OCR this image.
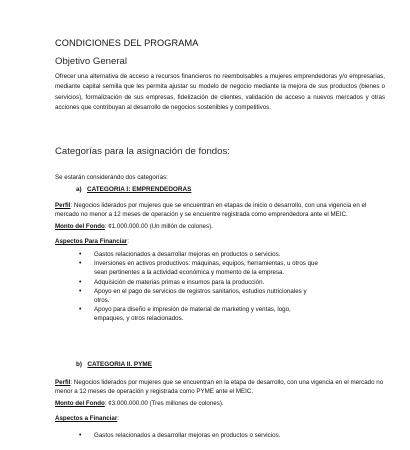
CONDICIONES DEL PROGRAMA
Objetivo General
Ofrecer una alternativa de acceso a recursos financieros no reembolsables a mujeres emprendedoras y/o empresarias, mediante capital semilla que les permita ajustar su modelo de negocio mediante la mejora de sus productos (bienes o servicios), formalización de sus empresas, fidelización de clientes, validación de acceso a nuevos mercados y otras acciones que contribuyan al desarrollo de negocios sostenibles y competitivos.
Categorías para la asignación de fondos:
Se estarán considerando dos categorías:
a) CATEGORIA I: EMPRENDEDORAS
Perfil: Negocios liderados por mujeres que se encuentran en etapas de inicio o desarrollo, con una vigencia en el mercado no menor a 12 meses de operación y se encuentre registrada como emprendedora ante el MEIC.
Monto del Fondo: ¢1.000.000.00 (Un millón de colones).
Aspectos Para Financiar:
• Gastos relacionados a desarrollar mejoras en productos o servicios.
• Inversiones en activos productivos: máquinas, equipos, herramientas, u otros que sean pertinentes a la actividad económica y momento de la empresa.
• Adquisición de materias primas e insumos para la producción.
• Apoyo en el pago de servicios de registros sanitarios, estudios nutricionales y otros.
• Apoyo para diseño e impresión de material de marketing y ventas, logo, empaques, y otros relacionados.
b) CATEGORIA II. PYME
Perfil: Negocios liderados por mujeres que se encuentran en la etapa de desarrollo, con una vigencia en el mercado no menor a 12 meses de operación y registrada como PYME ante el MEIC.
Monto del Fondo: ¢3.000.000.00 (Tres millones de colones).
Aspectos a Financiar:
• Gastos relacionados a desarrollar mejoras en productos o servicios.
